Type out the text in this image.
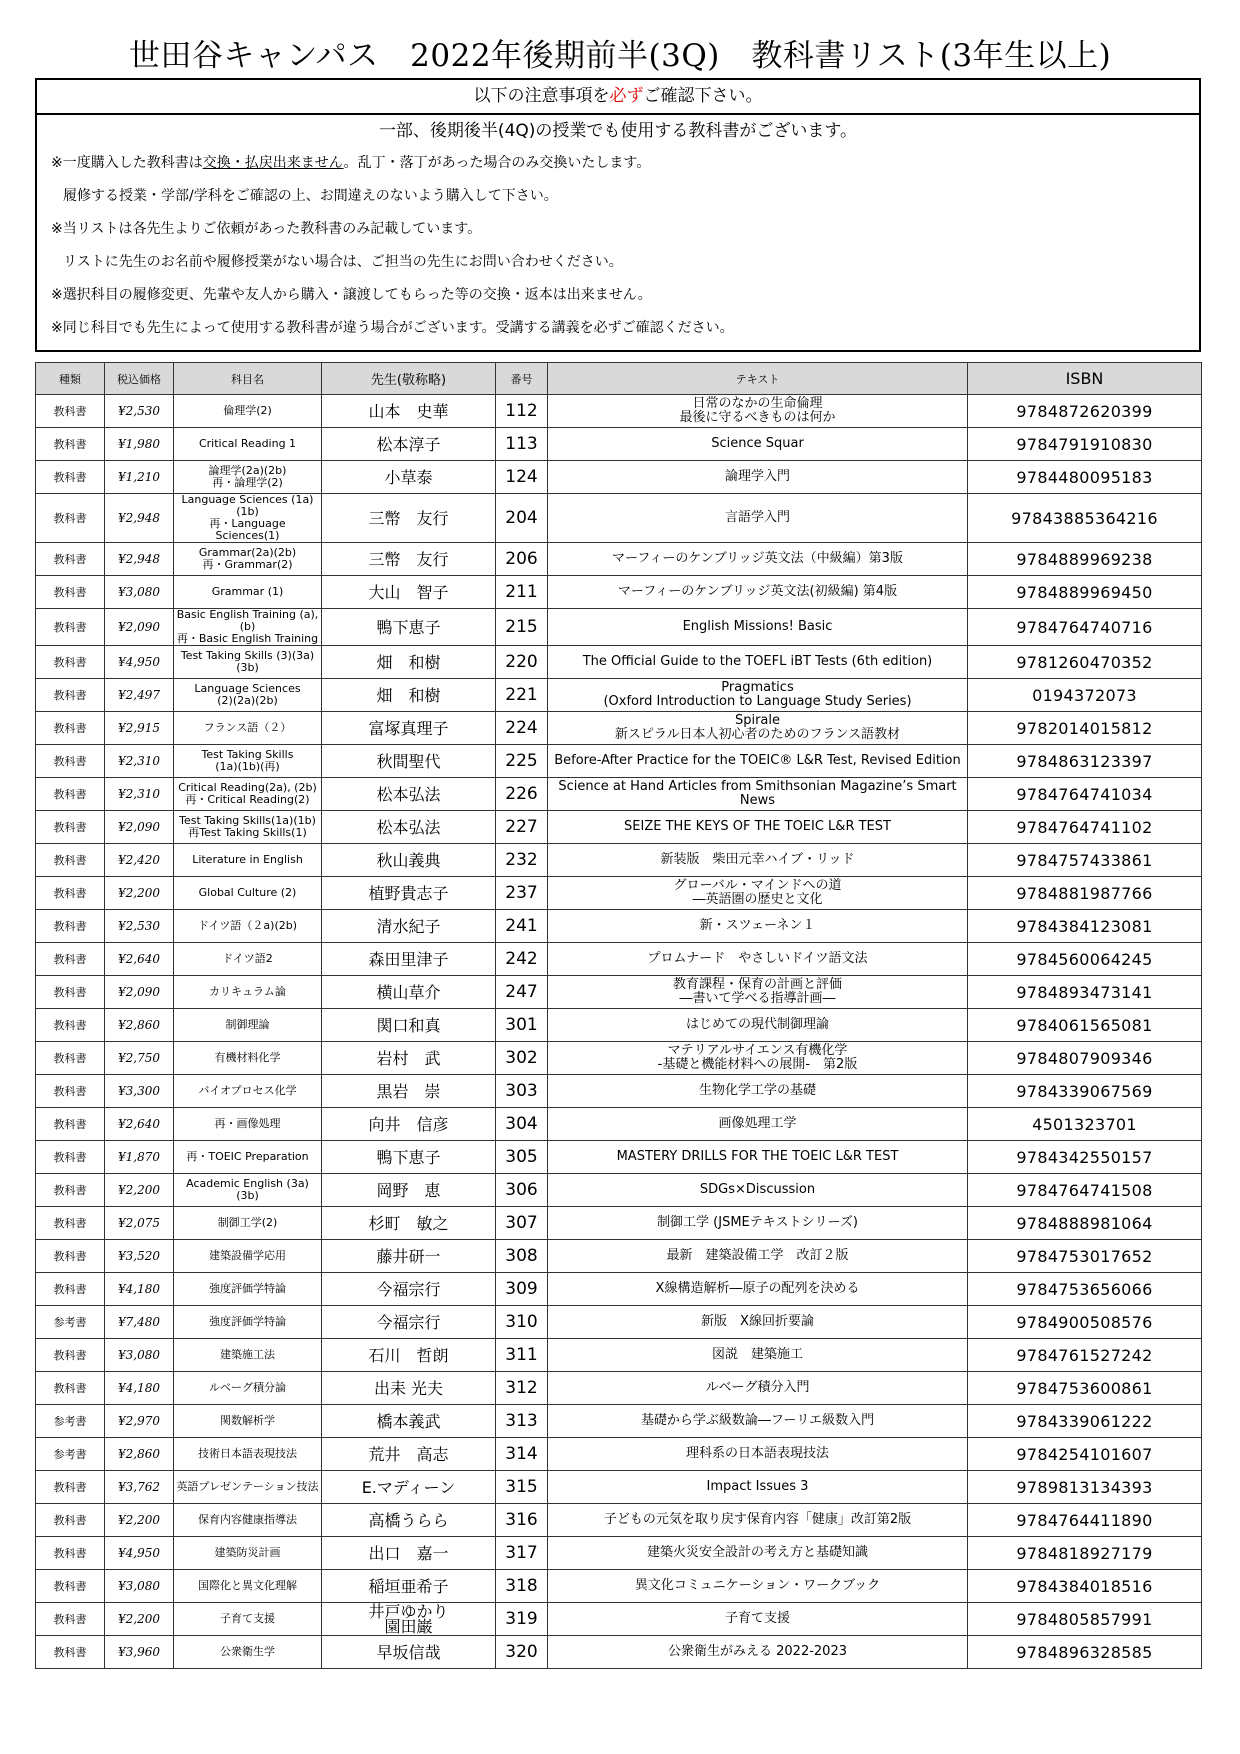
世田谷キャンパス　2022年後期前半(3Q)　教科書リスト(3年生以上)
以下の注意事項を必ずご確認下さい。
一部、後期後半(4Q)の授業でも使用する教科書がございます。
※一度購入した教科書は交換・払戻出来ません。乱丁・落丁があった場合のみ交換いたします。
履修する授業・学部/学科をご確認の上、お間違えのないよう購入して下さい。
※当リストは各先生よりご依頼があった教科書のみ記載しています。
リストに先生のお名前や履修授業がない場合は、ご担当の先生にお問い合わせください。
※選択科目の履修変更、先輩や友人から購入・譲渡してもらった等の交換・返本は出来ません。
※同じ科目でも先生によって使用する教科書が違う場合がございます。受講する講義を必ずご確認ください。
種類	税込価格	科目名	先生(敬称略)	番号	テキスト	ISBN
教科書	¥2,530	倫理学(2)	山本　史華	112	日常のなかの生命倫理
最後に守るべきものは何か	9784872620399
教科書	¥1,980	Critical Reading 1	松本淳子	113	Science Squar	9784791910830
教科書	¥1,210	論理学(2a)(2b)
再・論理学(2)	小草泰	124	論理学入門	9784480095183
教科書	¥2,948	Language Sciences (1a)(1b)
再・Language Sciences(1)	三幣　友行	204	言語学入門	97843885364216
教科書	¥2,948	Grammar(2a)(2b)
再・Grammar(2)	三幣　友行	206	マーフィーのケンブリッジ英文法（中級編）第3版	9784889969238
教科書	¥3,080	Grammar (1)	大山　智子	211	マーフィーのケンブリッジ英文法(初級編) 第4版	9784889969450
教科書	¥2,090	Basic English Training (a), (b)
再・Basic English Training	鴨下恵子	215	English Missions! Basic	9784764740716
教科書	¥4,950	Test Taking Skills (3)(3a)(3b)	畑　和樹	220	The Official Guide to the TOEFL iBT Tests (6th edition)	9781260470352
教科書	¥2,497	Language Sciences
(2)(2a)(2b)	畑　和樹	221	Pragmatics
(Oxford Introduction to Language Study Series)	0194372073
教科書	¥2,915	フランス語（２）	富塚真理子	224	Spirale
新スピラル日本人初心者のためのフランス語教材	9782014015812
教科書	¥2,310	Test Taking Skills
(1a)(1b)(再)	秋間聖代	225	Before-After Practice for the TOEIC® L&R Test, Revised Edition	9784863123397
教科書	¥2,310	Critical Reading(2a), (2b)
再・Critical Reading(2)	松本弘法	226	Science at Hand Articles from Smithsonian Magazine’s Smart
News	9784764741034
教科書	¥2,090	Test Taking Skills(1a)(1b)
再Test Taking Skills(1)	松本弘法	227	SEIZE THE KEYS OF THE TOEIC L&R TEST	9784764741102
教科書	¥2,420	Literature in English	秋山義典	232	新装版　柴田元幸ハイブ・リッド	9784757433861
教科書	¥2,200	Global Culture (2)	植野貴志子	237	グローバル・マインドへの道
―英語圏の歴史と文化	9784881987766
教科書	¥2,530	ドイツ語（２a)(2b)	清水紀子	241	新・スツェーネン１	9784384123081
教科書	¥2,640	ドイツ語2	森田里津子	242	プロムナード　やさしいドイツ語文法	9784560064245
教科書	¥2,090	カリキュラム論	横山草介	247	教育課程・保育の計画と評価
―書いて学べる指導計画―	9784893473141
教科書	¥2,860	制御理論	関口和真	301	はじめての現代制御理論	9784061565081
教科書	¥2,750	有機材料化学	岩村　武	302	マテリアルサイエンス有機化学
-基礎と機能材料への展開-　第2版	9784807909346
教科書	¥3,300	バイオプロセス化学	黒岩　崇	303	生物化学工学の基礎	9784339067569
教科書	¥2,640	再・画像処理	向井　信彦	304	画像処理工学	4501323701
教科書	¥1,870	再・TOEIC Preparation	鴨下恵子	305	MASTERY DRILLS FOR THE TOEIC L&R TEST	9784342550157
教科書	¥2,200	Academic English (3a)(3b)	岡野　恵	306	SDGs×Discussion	9784764741508
教科書	¥2,075	制御工学(2)	杉町　敏之	307	制御工学 (JSMEテキストシリーズ)	9784888981064
教科書	¥3,520	建築設備学応用	藤井研一	308	最新　建築設備工学　改訂２版	9784753017652
教科書	¥4,180	強度評価学特論	今福宗行	309	X線構造解析―原子の配列を決める	9784753656066
参考書	¥7,480	強度評価学特論	今福宗行	310	新版　X線回折要論	9784900508576
教科書	¥3,080	建築施工法	石川　哲朗	311	図説　建築施工	9784761527242
教科書	¥4,180	ルベーグ積分論	出耒 光夫	312	ルベーグ積分入門	9784753600861
参考書	¥2,970	関数解析学	橋本義武	313	基礎から学ぶ級数論―フーリエ級数入門	9784339061222
参考書	¥2,860	技術日本語表現技法	荒井　高志	314	理科系の日本語表現技法	9784254101607
教科書	¥3,762	英語プレゼンテーション技法	E.マディーン	315	Impact Issues 3	9789813134393
教科書	¥2,200	保育内容健康指導法	高橋うらら	316	子どもの元気を取り戻す保育内容「健康」改訂第2版	9784764411890
教科書	¥4,950	建築防災計画	出口　嘉一	317	建築火災安全設計の考え方と基礎知識	9784818927179
教科書	¥3,080	国際化と異文化理解	稲垣亜希子	318	異文化コミュニケーション・ワークブック	9784384018516
教科書	¥2,200	子育て支援	井戸ゆかり
園田巌	319	子育て支援	9784805857991
教科書	¥3,960	公衆衛生学	早坂信哉	320	公衆衛生がみえる 2022-2023	9784896328585
